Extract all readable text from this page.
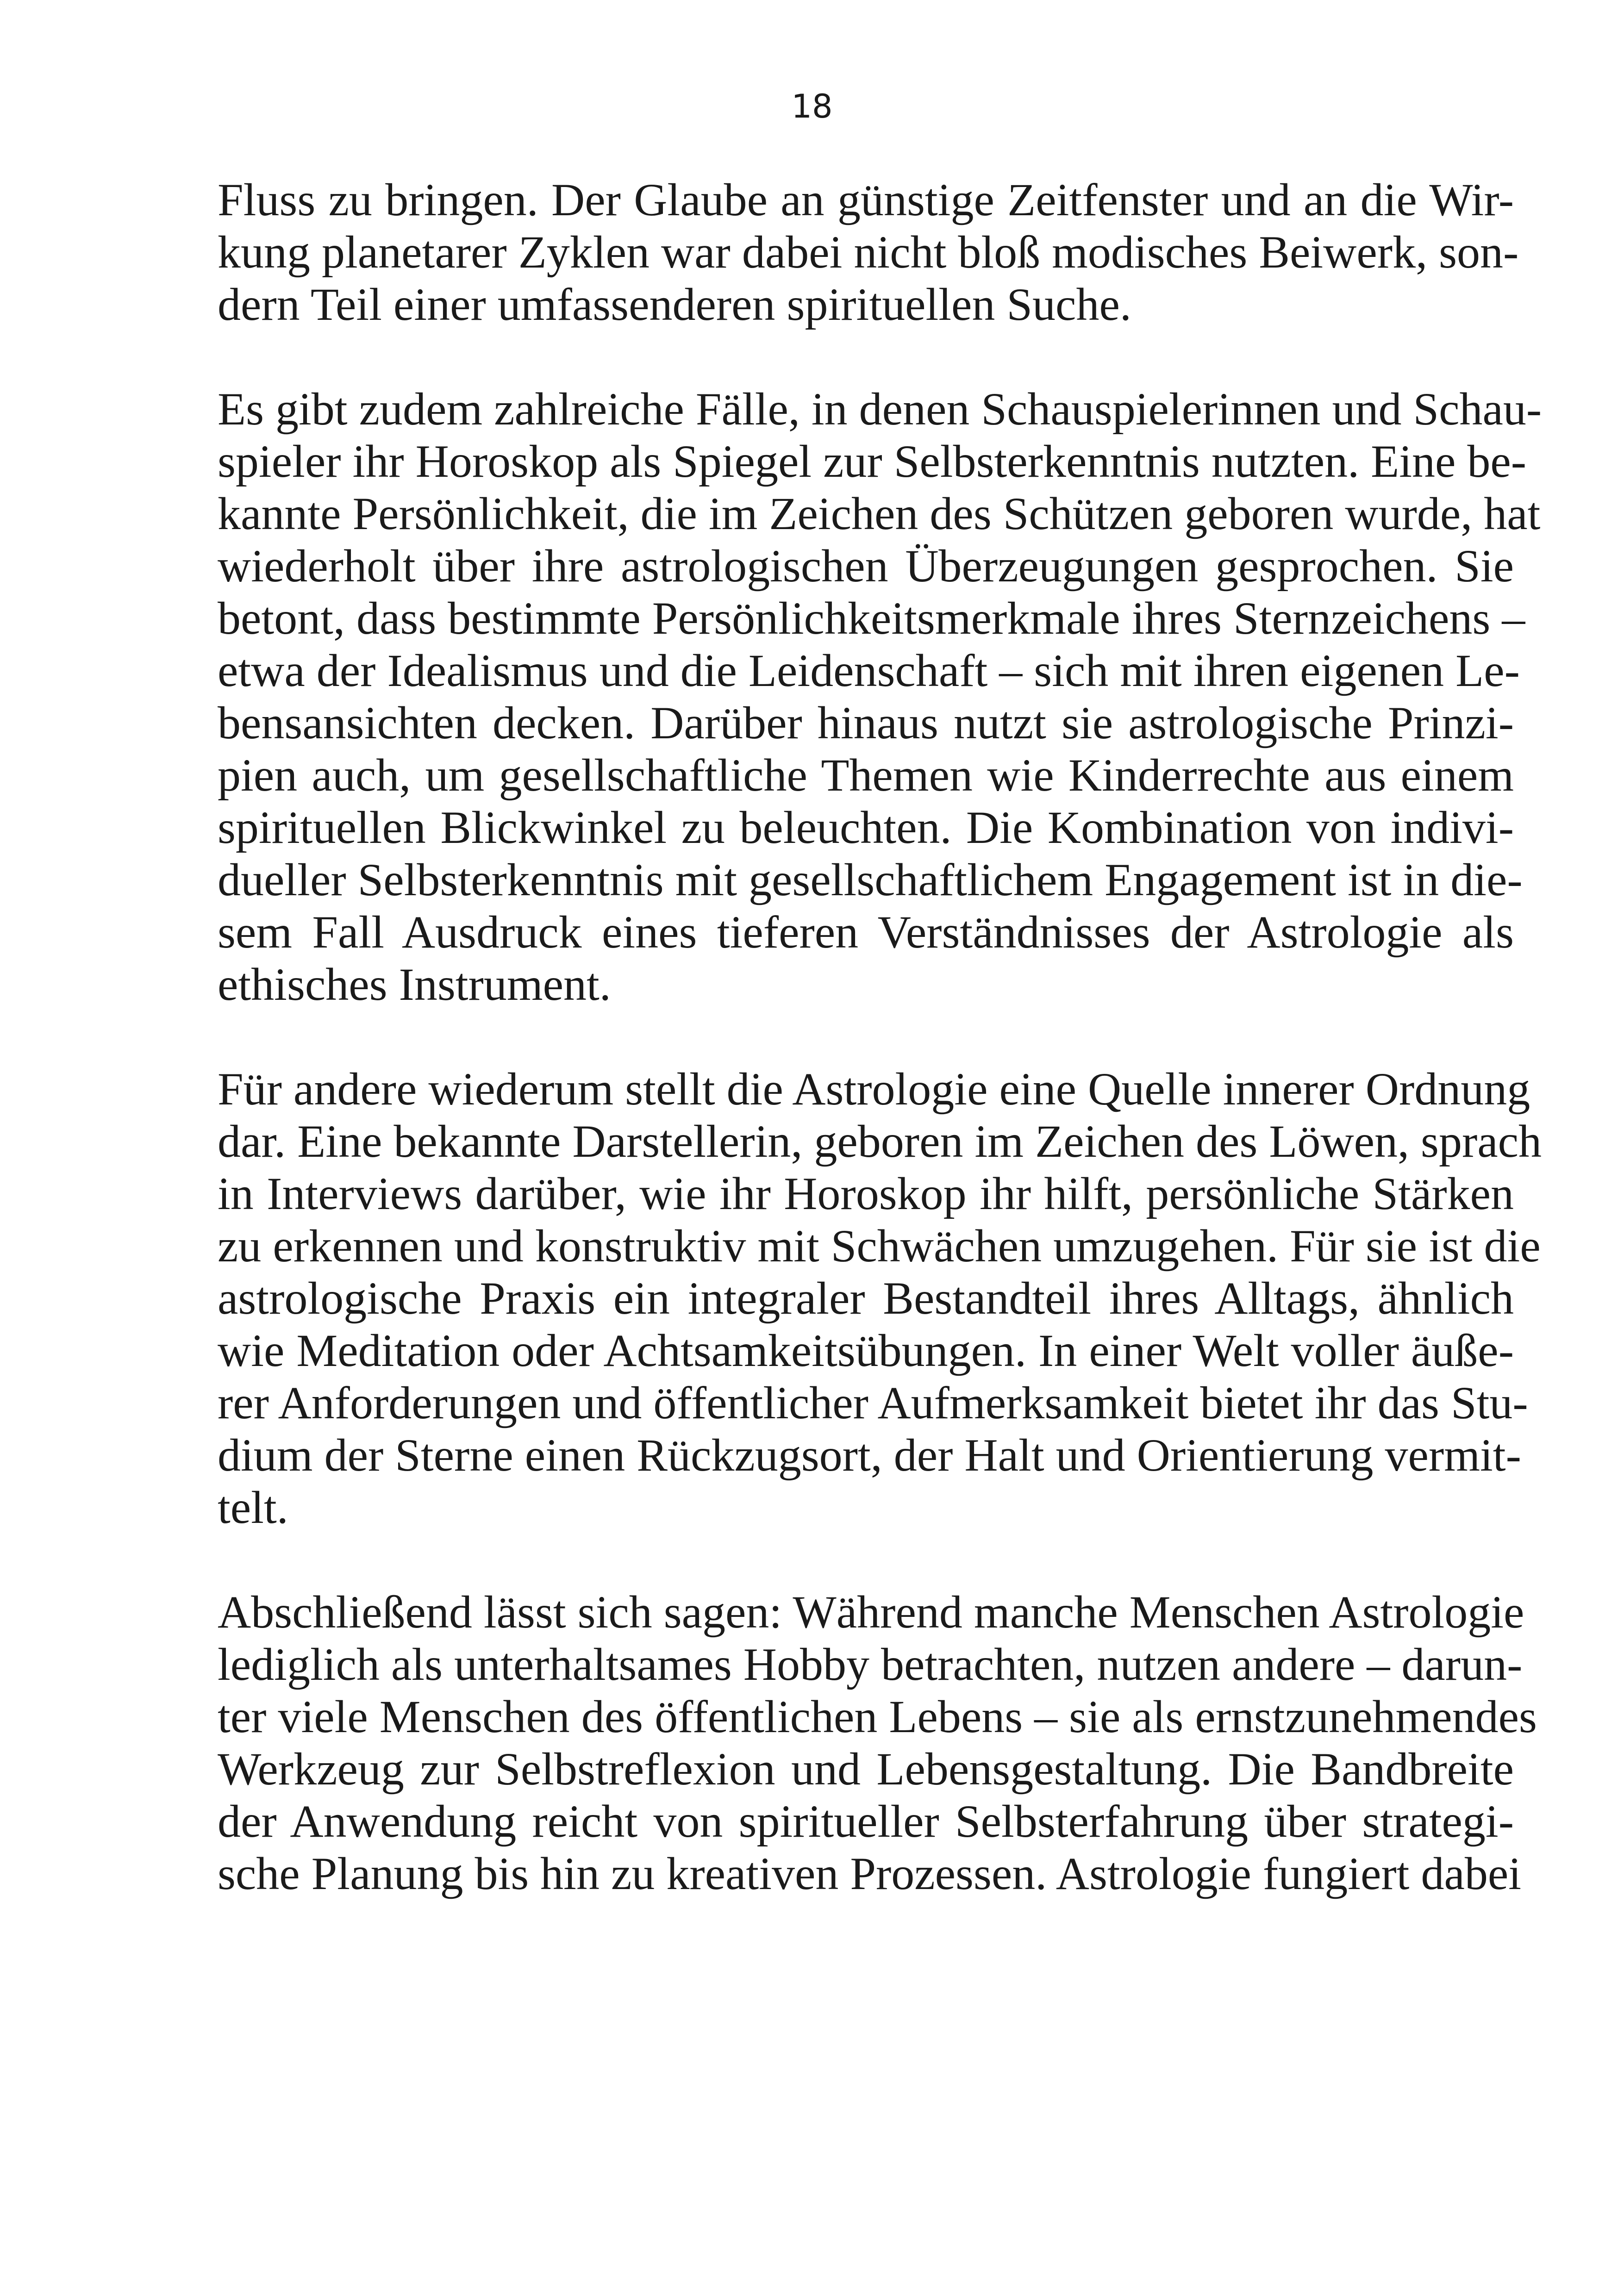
18

Fluss zu bringen. Der Glaube an günstige Zeitfenster und an die Wir-
kung planetarer Zyklen war dabei nicht bloß modisches Beiwerk, son-
dern Teil einer umfassenderen spirituellen Suche.

Es gibt zudem zahlreiche Fälle, in denen Schauspielerinnen und Schau-
spieler ihr Horoskop als Spiegel zur Selbsterkenntnis nutzten. Eine be-
kannte Persönlichkeit, die im Zeichen des Schützen geboren wurde, hat
wiederholt über ihre astrologischen Überzeugungen gesprochen. Sie
betont, dass bestimmte Persönlichkeitsmerkmale ihres Sternzeichens –
etwa der Idealismus und die Leidenschaft – sich mit ihren eigenen Le-
bensansichten decken. Darüber hinaus nutzt sie astrologische Prinzi-
pien auch, um gesellschaftliche Themen wie Kinderrechte aus einem
spirituellen Blickwinkel zu beleuchten. Die Kombination von indivi-
dueller Selbsterkenntnis mit gesellschaftlichem Engagement ist in die-
sem Fall Ausdruck eines tieferen Verständnisses der Astrologie als
ethisches Instrument.

Für andere wiederum stellt die Astrologie eine Quelle innerer Ordnung
dar. Eine bekannte Darstellerin, geboren im Zeichen des Löwen, sprach
in Interviews darüber, wie ihr Horoskop ihr hilft, persönliche Stärken
zu erkennen und konstruktiv mit Schwächen umzugehen. Für sie ist die
astrologische Praxis ein integraler Bestandteil ihres Alltags, ähnlich
wie Meditation oder Achtsamkeitsübungen. In einer Welt voller äuße-
rer Anforderungen und öffentlicher Aufmerksamkeit bietet ihr das Stu-
dium der Sterne einen Rückzugsort, der Halt und Orientierung vermit-
telt.

Abschließend lässt sich sagen: Während manche Menschen Astrologie
lediglich als unterhaltsames Hobby betrachten, nutzen andere – darun-
ter viele Menschen des öffentlichen Lebens – sie als ernstzunehmendes
Werkzeug zur Selbstreflexion und Lebensgestaltung. Die Bandbreite
der Anwendung reicht von spiritueller Selbsterfahrung über strategi-
sche Planung bis hin zu kreativen Prozessen. Astrologie fungiert dabei
